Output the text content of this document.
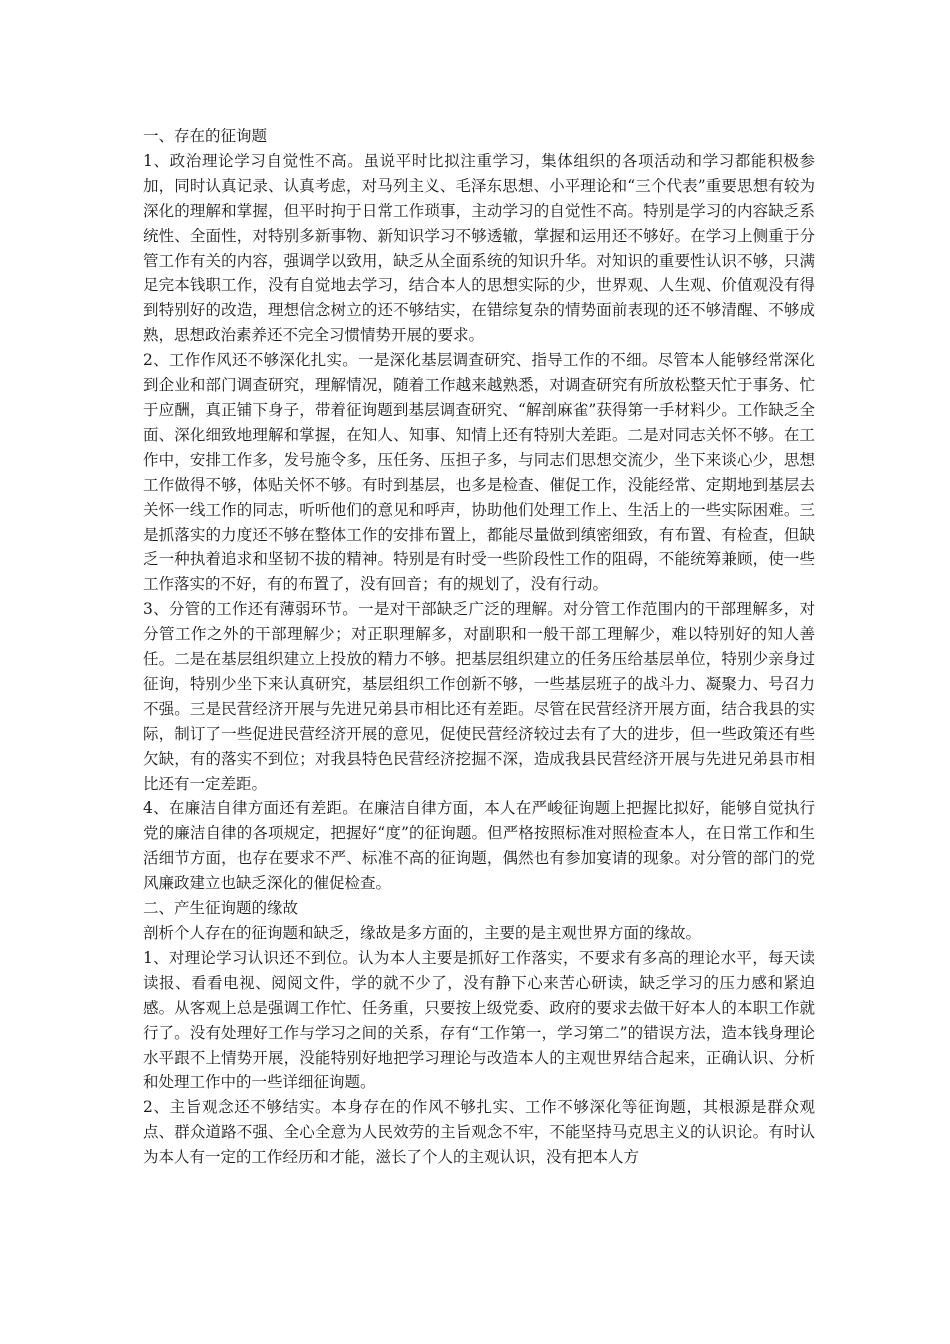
一、存在的征询题

1、政治理论学习自觉性不高。虽说平时比拟注重学习，集体组织的各项活动和学习都能积极参加，同时认真记录、认真考虑，对马列主义、毛泽东思想、小平理论和“三个代表”重要思想有较为深化的理解和掌握，但平时拘于日常工作琐事，主动学习的自觉性不高。特别是学习的内容缺乏系统性、全面性，对特别多新事物、新知识学习不够透辙，掌握和运用还不够好。在学习上侧重于分管工作有关的内容，强调学以致用，缺乏从全面系统的知识升华。对知识的重要性认识不够，只满足完本钱职工作，没有自觉地去学习，结合本人的思想实际的少，世界观、人生观、价值观没有得到特别好的改造，理想信念树立的还不够结实，在错综复杂的情势面前表现的还不够清醒、不够成熟，思想政治素养还不完全习惯情势开展的要求。

2、工作作风还不够深化扎实。一是深化基层调查研究、指导工作的不细。尽管本人能够经常深化到企业和部门调查研究，理解情况，随着工作越来越熟悉，对调查研究有所放松整天忙于事务、忙于应酬，真正铺下身子，带着征询题到基层调查研究、“解剖麻雀”获得第一手材料少。工作缺乏全面、深化细致地理解和掌握，在知人、知事、知情上还有特别大差距。二是对同志关怀不够。在工作中，安排工作多，发号施令多，压任务、压担子多，与同志们思想交流少，坐下来谈心少，思想工作做得不够，体贴关怀不够。有时到基层，也多是检查、催促工作，没能经常、定期地到基层去关怀一线工作的同志，听听他们的意见和呼声，协助他们处理工作上、生活上的一些实际困难。三是抓落实的力度还不够在整体工作的安排布置上，都能尽量做到缜密细致，有布置、有检查，但缺乏一种执着追求和坚韧不拔的精神。特别是有时受一些阶段性工作的阻碍，不能统筹兼顾，使一些工作落实的不好，有的布置了，没有回音；有的规划了，没有行动。

3、分管的工作还有薄弱环节。一是对干部缺乏广泛的理解。对分管工作范围内的干部理解多，对分管工作之外的干部理解少；对正职理解多，对副职和一般干部工理解少，难以特别好的知人善任。二是在基层组织建立上投放的精力不够。把基层组织建立的任务压给基层单位，特别少亲身过征询，特别少坐下来认真研究，基层组织工作创新不够，一些基层班子的战斗力、凝聚力、号召力不强。三是民营经济开展与先进兄弟县市相比还有差距。尽管在民营经济开展方面，结合我县的实际，制订了一些促进民营经济开展的意见，促使民营经济较过去有了大的进步，但一些政策还有些欠缺，有的落实不到位；对我县特色民营经济挖掘不深，造成我县民营经济开展与先进兄弟县市相比还有一定差距。

4、在廉洁自律方面还有差距。在廉洁自律方面，本人在严峻征询题上把握比拟好，能够自觉执行党的廉洁自律的各项规定，把握好“度”的征询题。但严格按照标准对照检查本人，在日常工作和生活细节方面，也存在要求不严、标准不高的征询题，偶然也有参加宴请的现象。对分管的部门的党风廉政建立也缺乏深化的催促检查。

二、产生征询题的缘故

剖析个人存在的征询题和缺乏，缘故是多方面的，主要的是主观世界方面的缘故。

1、对理论学习认识还不到位。认为本人主要是抓好工作落实，不要求有多高的理论水平，每天读读报、看看电视、阅阅文件，学的就不少了，没有静下心来苦心研读，缺乏学习的压力感和紧迫感。从客观上总是强调工作忙、任务重，只要按上级党委、政府的要求去做干好本人的本职工作就行了。没有处理好工作与学习之间的关系，存有“工作第一，学习第二”的错误方法，造本钱身理论水平跟不上情势开展，没能特别好地把学习理论与改造本人的主观世界结合起来，正确认识、分析和处理工作中的一些详细征询题。

2、主旨观念还不够结实。本身存在的作风不够扎实、工作不够深化等征询题，其根源是群众观点、群众道路不强、全心全意为人民效劳的主旨观念不牢，不能坚持马克思主义的认识论。有时认为本人有一定的工作经历和才能，滋长了个人的主观认识，没有把本人方
